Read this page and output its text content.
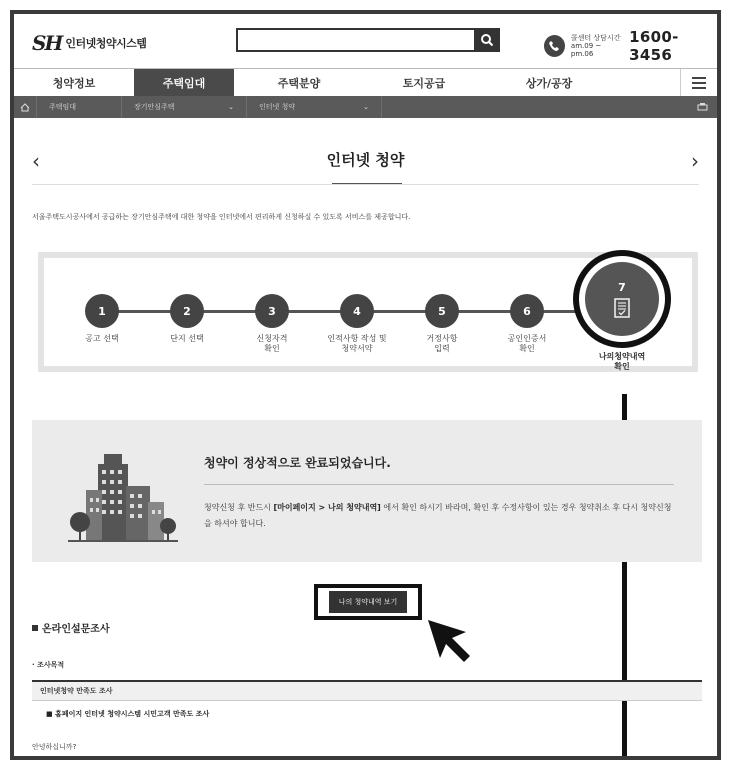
SH 인터넷청약시스템	콜센터 상담시간
am.09 ~ pm.06
1600-3456
청약정보	주택임대	주택분양	토지공급	상가/공장
주택임대	장기안심주택	⌄	인터넷 청약	⌄
‹	인터넷 청약	›
서울주택도시공사에서 공급하는 장기안심주택에 대한 청약을 인터넷에서 편리하게 신청하실 수 있도록 서비스를 제공합니다.
1
공고 선택
2
단지 선택
3
신청자격
확인
4
인적사항 작성 및
청약서약
5
거정사항
입력
6
공인인증서
확인
7
나의청약내역
확인
청약이 정상적으로 완료되었습니다.
청약신청 후 반드시 [마이페이지 > 나의 청약내역] 에서 확인 하시기 바라며, 확인 후 수정사항이 있는 경우 청약취소 후 다시 청약신청을 하셔야 합니다.
나의 청약내역 보기
온라인설문조사
· 조사목적
인터넷청약 만족도 조사
■ 홈페이지 인터넷 청약시스템 시민고객 만족도 조사
안녕하십니까?
